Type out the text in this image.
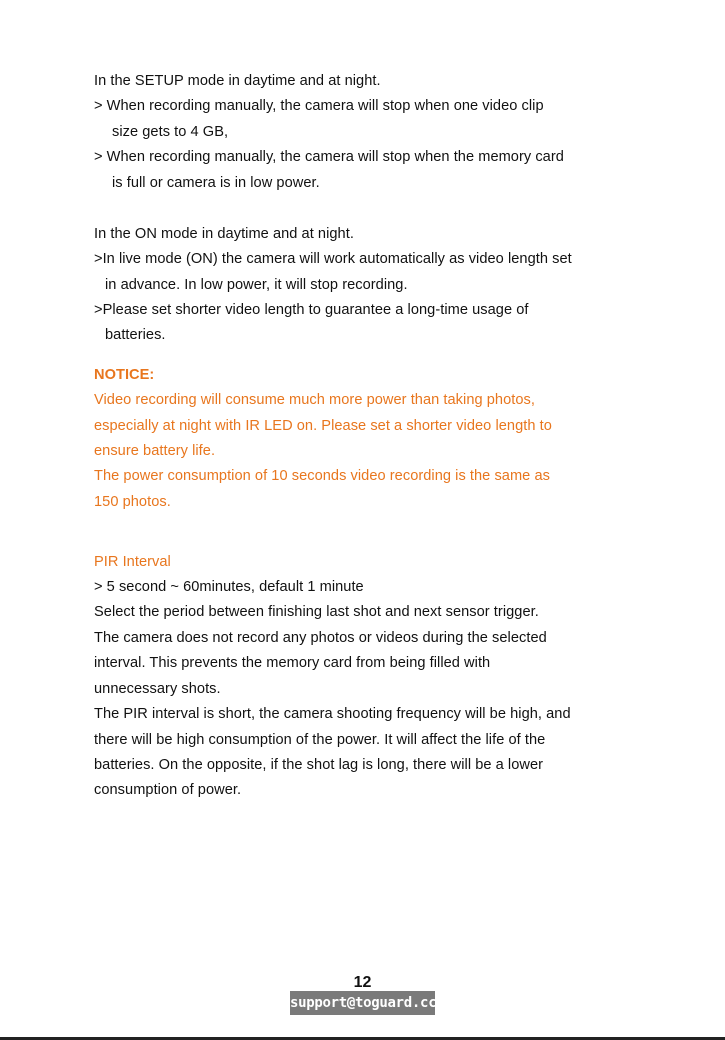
In the SETUP mode in daytime and at night.
> When recording manually, the camera will stop when one video clip
size gets to 4 GB,
> When recording manually, the camera will stop when the memory card
is full or camera is in low power.
In the ON mode in daytime and at night.
>In live mode (ON) the camera will work automatically as video length set
in advance. In low power, it will stop recording.
>Please set shorter video length to guarantee a long-time usage of
batteries.
NOTICE:
Video recording will consume much more power than taking photos,
especially at night with IR LED on. Please set a shorter video length to
ensure battery life.
The power consumption of 10 seconds video recording is the same as
150 photos.
PIR Interval
> 5 second ~ 60minutes, default 1 minute
Select the period between finishing last shot and next sensor trigger.
The camera does not record any photos or videos during the selected
interval. This prevents the memory card from being filled with
unnecessary shots.
The PIR interval is short, the camera shooting frequency will be high, and
there will be high consumption of the power. It will affect the life of the
batteries. On the opposite, if the shot lag is long, there will be a lower
consumption of power.
12
support@toguard.cc
